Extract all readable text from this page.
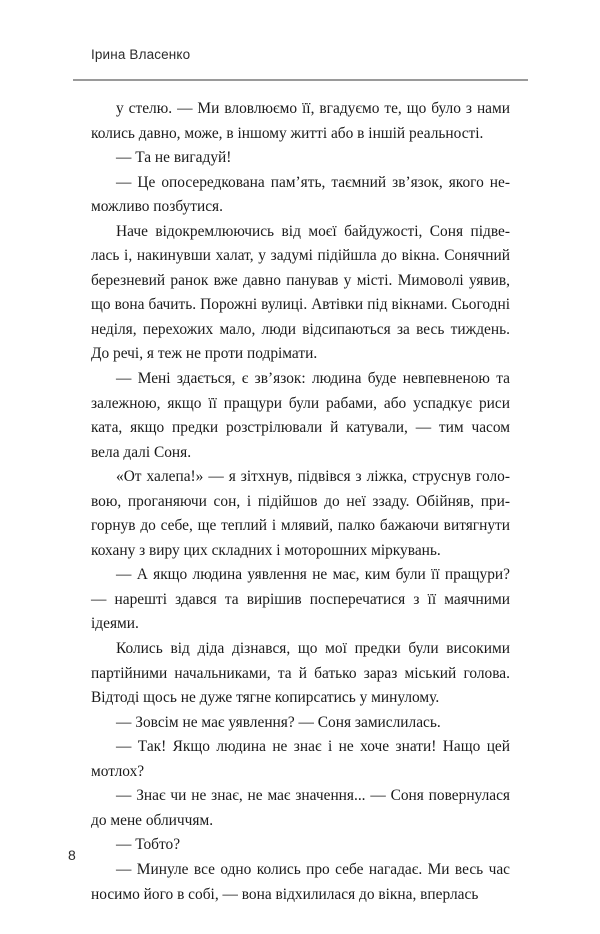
Ірина Власенко

у стелю. — Ми вловлюємо її, вгадуємо те, що було з нами колись давно, може, в іншому житті або в іншій реальності.

— Та не вигадуй!

— Це опосередкована пам’ять, таємний зв’язок, якого неможливо позбутися.

Наче відокремлюючись від моєї байдужості, Соня підвелась і, накинувши халат, у задумі підійшла до вікна. Сонячний березневий ранок вже давно панував у місті. Мимоволі уявив, що вона бачить. Порожні вулиці. Автівки під вікнами. Сьогодні неділя, перехожих мало, люди відсипаються за весь тиждень. До речі, я теж не проти подрімати.

— Мені здається, є зв’язок: людина буде невпевненою та залежною, якщо її пращури були рабами, або успадкує риси ката, якщо предки розстрілювали й катували, — тим часом вела далі Соня.

«От халепа!» — я зітхнув, підвівся з ліжка, струснув головою, проганяючи сон, і підійшов до неї ззаду. Обійняв, пригорнув до себе, ще теплий і млявий, палко бажаючи витягнути кохану з виру цих складних і моторошних міркувань.

— А якщо людина уявлення не має, ким були її пращури? — нарешті здався та вирішив посперечатися з її маячними ідеями.

Колись від діда дізнався, що мої предки були високими партійними начальниками, та й батько зараз міський голова. Відтоді щось не дуже тягне копирсатись у минулому.

— Зовсім не має уявлення? — Соня замислилась.

— Так! Якщо людина не знає і не хоче знати! Нащо цей мотлох?

— Знає чи не знає, не має значення... — Соня повернулася до мене обличчям.

— Тобто?

— Минуле все одно колись про себе нагадає. Ми весь час носимо його в собі, — вона відхилилася до вікна, вперлась

8
